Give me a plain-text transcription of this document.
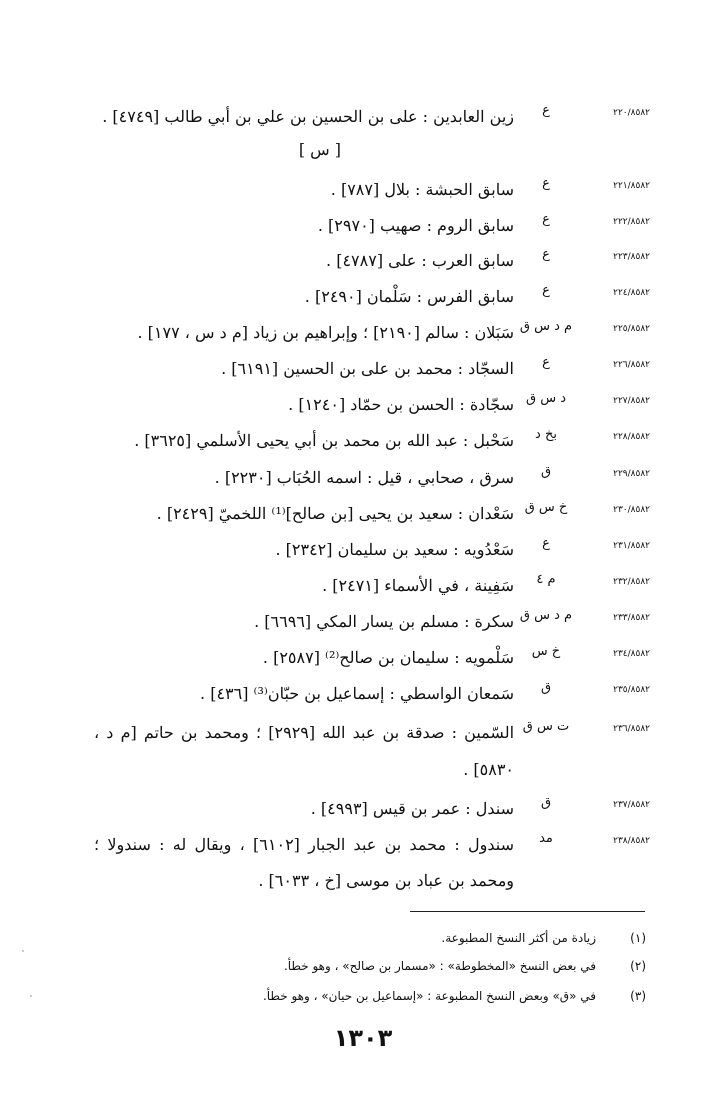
٢٢٠/٨٥٨٢
ع
زين العابدين : على بن الحسين بن علي بن أبي طالب [٤٧٤٩] .
[ س ]
٢٢١/٨٥٨٢
ع
سابق الحبشة : بلال [٧٨٧] .
٢٢٢/٨٥٨٢
ع
سابق الروم : صهيب [٢٩٧٠] .
٢٢٣/٨٥٨٢
ع
سابق العرب : على [٤٧٨٧] .
٢٢٤/٨٥٨٢
ع
سابق الفرس : سَلْمان [٢٤٩٠] .
٢٢٥/٨٥٨٢
م د س ق
سَبَلان : سالم [٢١٩٠] ؛ وإبراهيم بن زياد [م د س ، ١٧٧] .
٢٢٦/٨٥٨٢
ع
السجّاد : محمد بن على بن الحسين [٦١٩١] .
٢٢٧/٨٥٨٢
د س ق
سجّادة : الحسن بن حمّاد [١٢٤٠] .
٢٢٨/٨٥٨٢
بخ د
سَحْبل : عبد الله بن محمد بن أبي يحيى الأسلمي [٣٦٢٥] .
٢٢٩/٨٥٨٢
ق
سرق ، صحابي ، قيل : اسمه الحُبَاب [٢٢٣٠] .
٢٣٠/٨٥٨٢
خ س ق
سَعْدان : سعيد بن يحيى [بن صالح]⁽¹⁾ اللخميّ [٢٤٢٩] .
٢٣١/٨٥٨٢
ع
سَعْدُويه : سعيد بن سليمان [٢٣٤٢] .
٢٣٢/٨٥٨٢
م ٤
سَفِينة ، في الأسماء [٢٤٧١] .
٢٣٣/٨٥٨٢
م د س ق
سكرة : مسلم بن يسار المكي [٦٦٩٦] .
٢٣٤/٨٥٨٢
خ س
سَلْمويه : سليمان بن صالح⁽²⁾ [٢٥٨٧] .
٢٣٥/٨٥٨٢
ق
سَمعان الواسطي : إسماعيل بن حبّان⁽³⁾ [٤٣٦] .
٢٣٦/٨٥٨٢
ت س ق
السّمين : صدقة بن عبد الله [٢٩٢٩] ؛ ومحمد بن حاتم [م د ،
٥٨٣٠] .
٢٣٧/٨٥٨٢
ق
سندل : عمر بن قيس [٤٩٩٣] .
٢٣٨/٨٥٨٢
مد
سندول : محمد بن عبد الجبار [٦١٠٢] ، ويقال له : سندولا ؛
ومحمد بن عباد بن موسى [خ ، ٦٠٣٣] .
(١)
زيادة من أكثر النسخ المطبوعة.
(٢)
في بعض النسخ «المخطوطة» : «مسمار بن صالح» ، وهو خطأ.
(٣)
في «ق» وبعض النسخ المطبوعة : «إسماعيل بن حيان» ، وهو خطأ.
١٣٠٣
